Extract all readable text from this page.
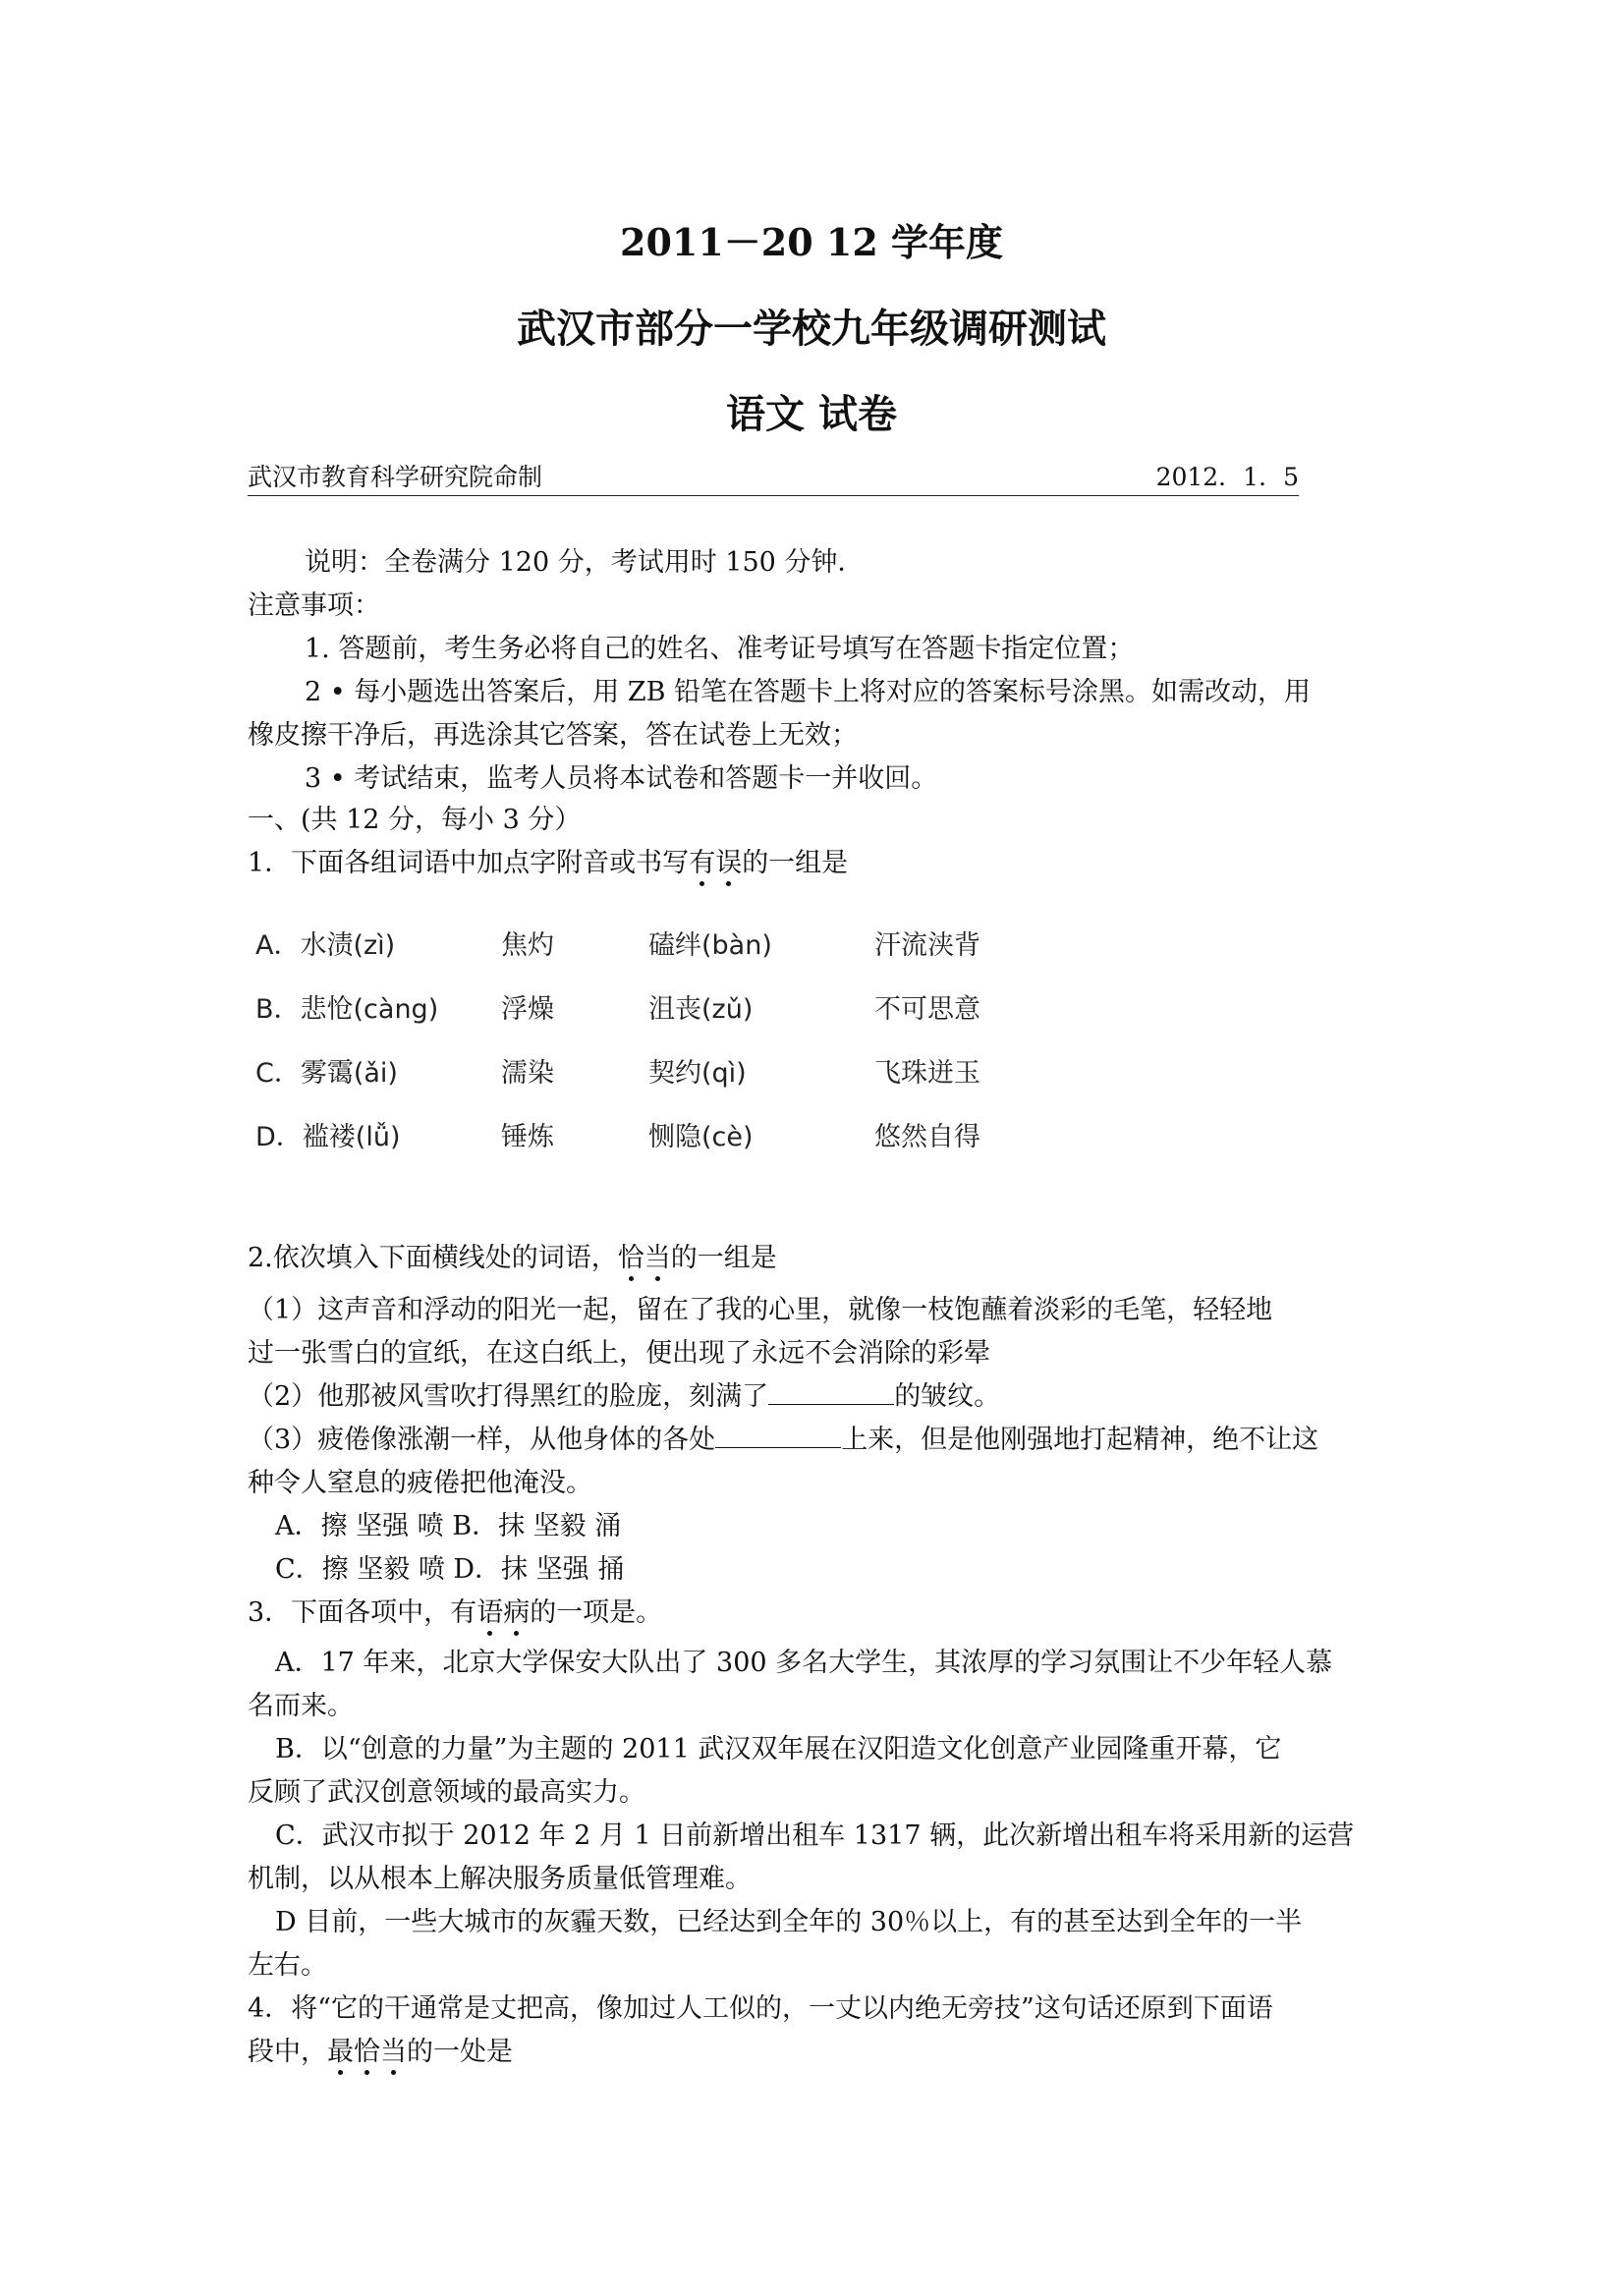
2011－20 12 学年度
武汉市部分一学校九年级调研测试
语文 试卷
武汉市教育科学研究院命制	2012．1．5
说明：全卷满分 120 分，考试用时 150 分钟．
注意事项：
1. 答题前，考生务必将自己的姓名、准考证号填写在答题卡指定位置；
2 • 每小题选出答案后，用 ZB 铅笔在答题卡上将对应的答案标号涂黑。如需改动，用
橡皮擦干净后，再选涂其它答案，答在试卷上无效；
3 • 考试结束，监考人员将本试卷和答题卡一并收回。
一、(共 12 分，每小 3 分）
1．下面各组词语中加点字附音或书写有误的一组是
A．水渍(zì)	焦灼	磕绊(bàn)	汗流浃背
B．悲怆(càng) 浮燥	沮丧(zǔ)	不可思意
C．雾霭(ǎi)	濡染	契约(qì)	飞珠迸玉
D．褴褛(lǚ)	锤炼	恻隐(cè)	悠然自得
2.依次填入下面横线处的词语，恰当的一组是
（1）这声音和浮动的阳光一起，留在了我的心里，就像一枝饱蘸着淡彩的毛笔，轻轻地
过一张雪白的宣纸，在这白纸上，便出现了永远不会消除的彩晕
（2）他那被风雪吹打得黑红的脸庞，刻满了	的皱纹。
（3）疲倦像涨潮一样，从他身体的各处	上来，但是他刚强地打起精神，绝不让这
种令人窒息的疲倦把他淹没。
A．擦 坚强 喷 B．抹 坚毅 涌
C．擦 坚毅 喷 D．抹 坚强 捅
3．下面各项中，有语病的一项是。
A．17 年来，北京大学保安大队出了 300 多名大学生，其浓厚的学习氛围让不少年轻人慕
名而来。
B．以“创意的力量”为主题的 2011 武汉双年展在汉阳造文化创意产业园隆重开幕，它
反顾了武汉创意领域的最高实力。
C．武汉市拟于 2012 年 2 月 1 日前新增出租车 1317 辆，此次新增出租车将采用新的运营
机制，以从根本上解决服务质量低管理难。
D 目前，一些大城市的灰霾天数，已经达到全年的 30％以上，有的甚至达到全年的一半
左右。
4．将“它的干通常是丈把高，像加过人工似的，一丈以内绝无旁技”这句话还原到下面语
段中，最恰当的一处是
